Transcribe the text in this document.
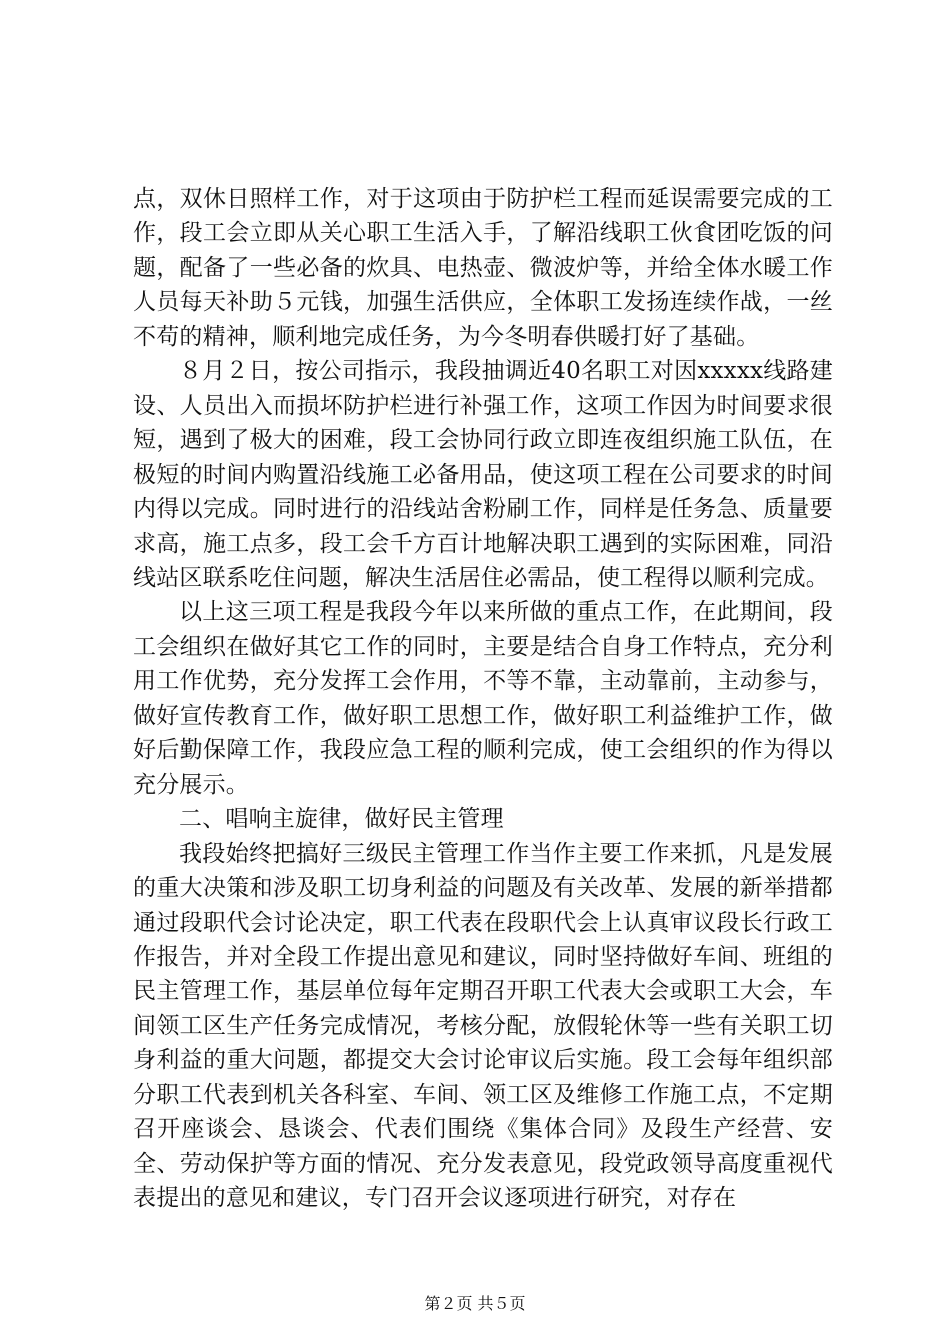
点，双休日照样工作，对于这项由于防护栏工程而延误需要完成的工作，段工会立即从关心职工生活入手，了解沿线职工伙食团吃饭的问题，配备了一些必备的炊具、电热壶、微波炉等，并给全体水暖工作人员每天补助５元钱，加强生活供应，全体职工发扬连续作战，一丝不苟的精神，顺利地完成任务，为今冬明春供暖打好了基础。

８月２日，按公司指示，我段抽调近40名职工对因xxxxx线路建设、人员出入而损坏防护栏进行补强工作，这项工作因为时间要求很短，遇到了极大的困难，段工会协同行政立即连夜组织施工队伍，在极短的时间内购置沿线施工必备用品，使这项工程在公司要求的时间内得以完成。同时进行的沿线站舍粉刷工作，同样是任务急、质量要求高，施工点多，段工会千方百计地解决职工遇到的实际困难，同沿线站区联系吃住问题，解决生活居住必需品，使工程得以顺利完成。

以上这三项工程是我段今年以来所做的重点工作，在此期间，段工会组织在做好其它工作的同时，主要是结合自身工作特点，充分利用工作优势，充分发挥工会作用，不等不靠，主动靠前，主动参与，做好宣传教育工作，做好职工思想工作，做好职工利益维护工作，做好后勤保障工作，我段应急工程的顺利完成，使工会组织的作为得以充分展示。

二、唱响主旋律，做好民主管理

我段始终把搞好三级民主管理工作当作主要工作来抓，凡是发展的重大决策和涉及职工切身利益的问题及有关改革、发展的新举措都通过段职代会讨论决定，职工代表在段职代会上认真审议段长行政工作报告，并对全段工作提出意见和建议，同时坚持做好车间、班组的民主管理工作，基层单位每年定期召开职工代表大会或职工大会，车间领工区生产任务完成情况，考核分配，放假轮休等一些有关职工切身利益的重大问题，都提交大会讨论审议后实施。段工会每年组织部分职工代表到机关各科室、车间、领工区及维修工作施工点，不定期召开座谈会、恳谈会、代表们围绕《集体合同》及段生产经营、安全、劳动保护等方面的情况、充分发表意见，段党政领导高度重视代表提出的意见和建议，专门召开会议逐项进行研究，对存在

第２页 共５页
